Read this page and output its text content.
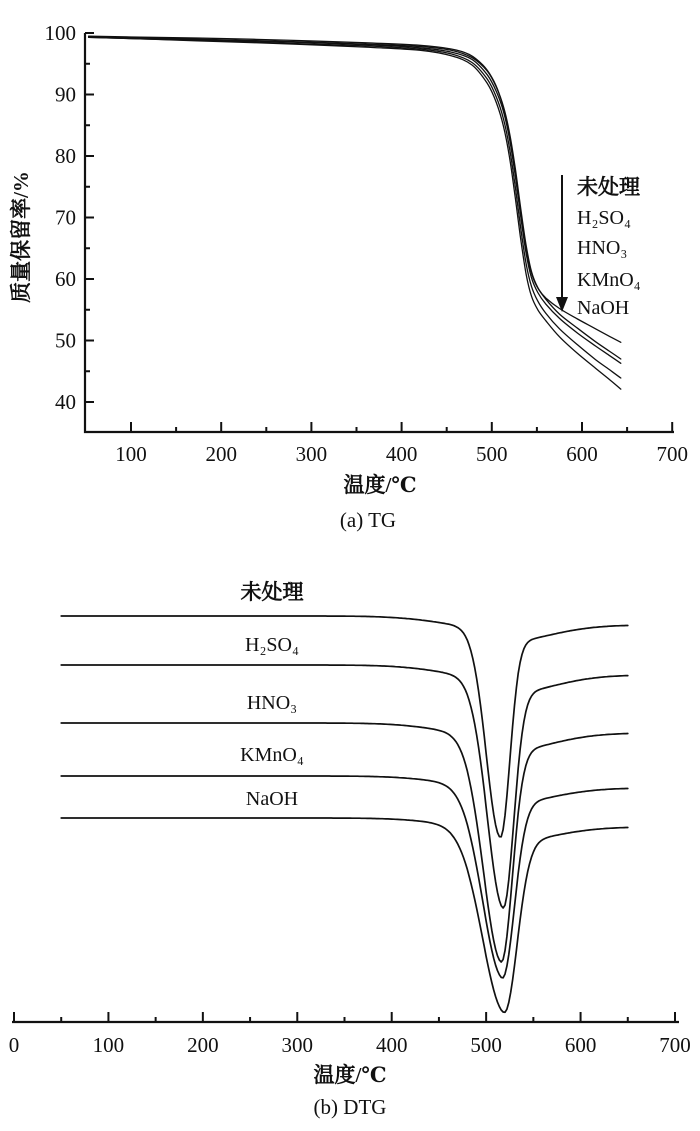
100
90
80
70
60
50
40
100	200	300	400	500	600	700
0	100	200	300	400	500	600	700
质量保留率/%
温度/℃
(a) TG
未处理
H₂SO₄
HNO₃
KMnO₄
NaOH
未处理
H₂SO₄
HNO₃
KMnO₄
NaOH
温度/℃
(b) DTG
